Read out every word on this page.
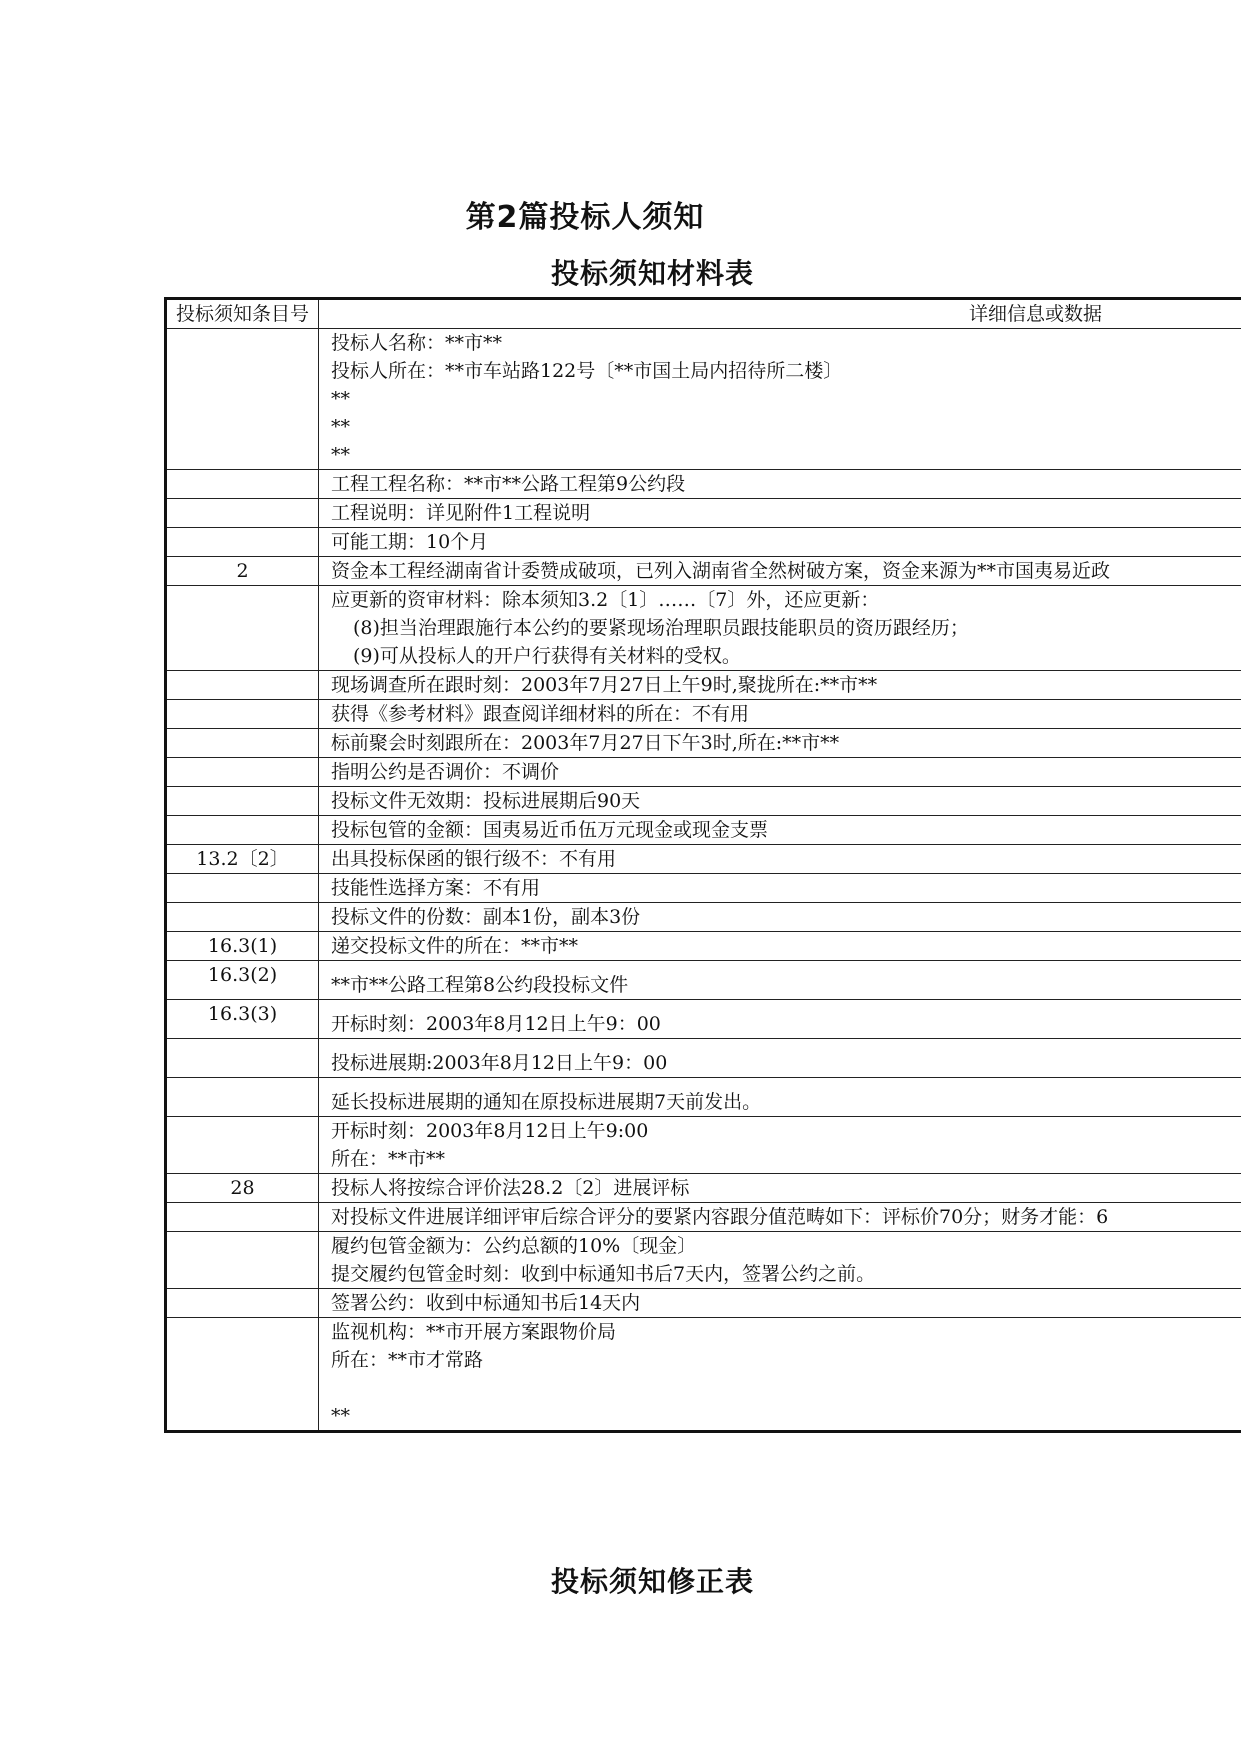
第2篇投标人须知
投标须知材料表
投标须知条目号	详细信息或数据

	投标人名称：**市**
投标人所在：**市车站路122号〔**市国土局内招待所二楼〕
**
**
**

	工程工程名称：**市**公路工程第9公约段

	工程说明：详见附件1工程说明

	可能工期：10个月

2	资金本工程经湖南省计委赞成破项，已列入湖南省全然树破方案，资金来源为**市国夷易近政

	应更新的资审材料：除本须知3.2〔1〕……〔7〕外，还应更新：
(8)担当治理跟施行本公约的要紧现场治理职员跟技能职员的资历跟经历；
(9)可从投标人的开户行获得有关材料的受权。

	现场调查所在跟时刻：2003年7月27日上午9时,聚拢所在:**市**

	获得《参考材料》跟查阅详细材料的所在：不有用

	标前聚会时刻跟所在：2003年7月27日下午3时,所在:**市**

	指明公约是否调价：不调价

	投标文件无效期：投标进展期后90天

	投标包管的金额：国夷易近币伍万元现金或现金支票

13.2〔2〕	出具投标保函的银行级不：不有用

	技能性选择方案：不有用

	投标文件的份数：副本1份，副本3份

16.3(1)	递交投标文件的所在：**市**

16.3(2)	**市**公路工程第8公约段投标文件

16.3(3)	开标时刻：2003年8月12日上午9：00

	投标进展期:2003年8月12日上午9：00

	延长投标进展期的通知在原投标进展期7天前发出。

	开标时刻：2003年8月12日上午9:00
所在：**市**

28	投标人将按综合评价法28.2〔2〕进展评标

	对投标文件进展详细评审后综合评分的要紧内容跟分值范畴如下：评标价70分；财务才能：6

	履约包管金额为：公约总额的10%〔现金〕
提交履约包管金时刻：收到中标通知书后7天内，签署公约之前。

	签署公约：收到中标通知书后14天内

	监视机构：**市开展方案跟物价局
所在：**市才常路
**
投标须知修正表
